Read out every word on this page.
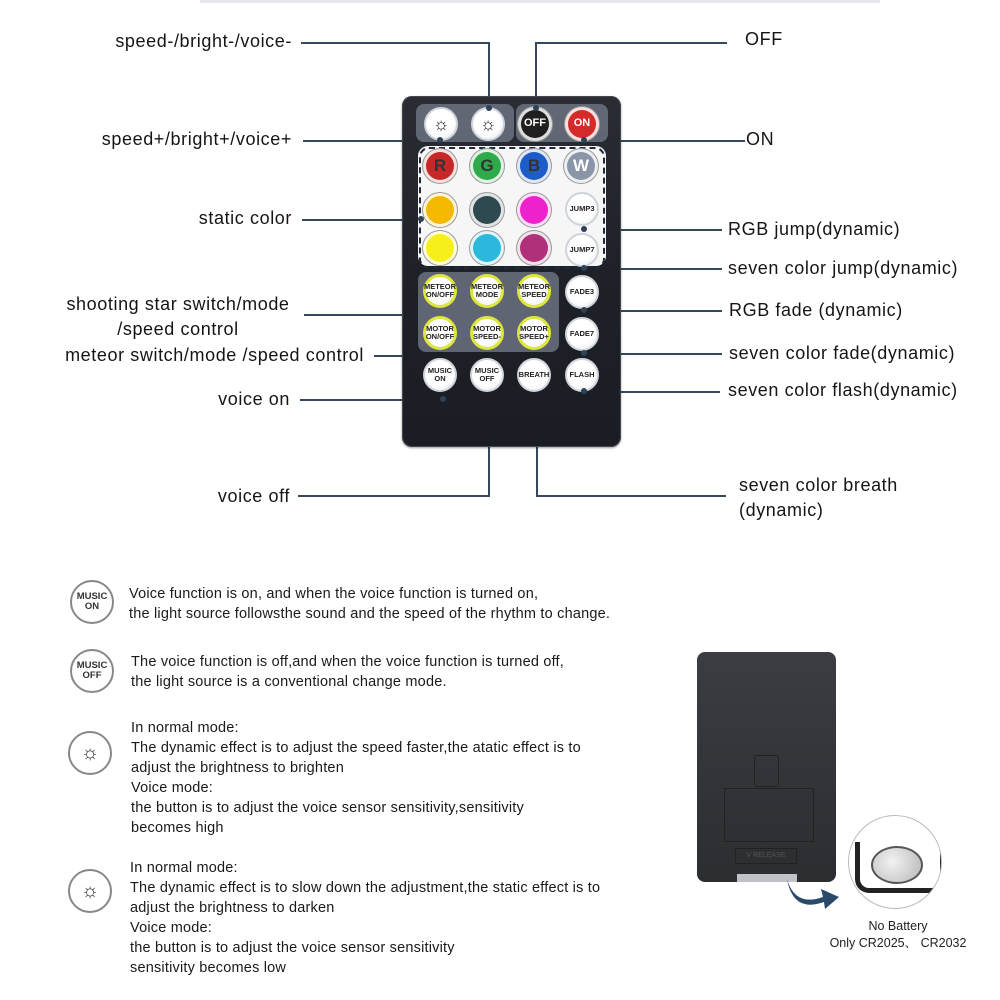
speed-/bright-/voice-
speed+/bright+/voice+
static color
shooting star switch/mode
/speed control
meteor switch/mode /speed control
voice on
voice off
OFF
ON
RGB jump(dynamic)
seven color jump(dynamic)
RGB fade (dynamic)
seven color fade(dynamic)
seven color flash(dynamic)
seven color breath
(dynamic)
☼ ☼	OFF	ON
R G B W
JUMP3
JUMP7
FADE3
FADE7
FLASH
METEOR
ON/OFF
METEOR
MODE
METEOR
SPEED
MOTOR
ON/OFF
MOTOR
SPEED-
MOTOR
SPEED+
MUSIC
ON
MUSIC
OFF	BREATH
MUSIC
ON
Voice function is on, and when the voice function is turned on,
the light source followsthe sound and the speed of the rhythm to change.
MUSIC
OFF
The voice function is off,and when the voice function is turned off,
the light source is a conventional change mode.
☼
In normal mode:
The dynamic effect is to adjust the speed faster,the atatic effect is to
adjust the brightness to brighten
Voice mode:
the button is to adjust the voice sensor sensitivity,sensitivity
becomes high
☼
In normal mode:
The dynamic effect is to slow down the adjustment,the static effect is to
adjust the brightness to darken
Voice mode:
the button is to adjust the voice sensor sensitivity
sensitivity becomes low
V RELEASE
No Battery
Only CR2025、 CR2032
